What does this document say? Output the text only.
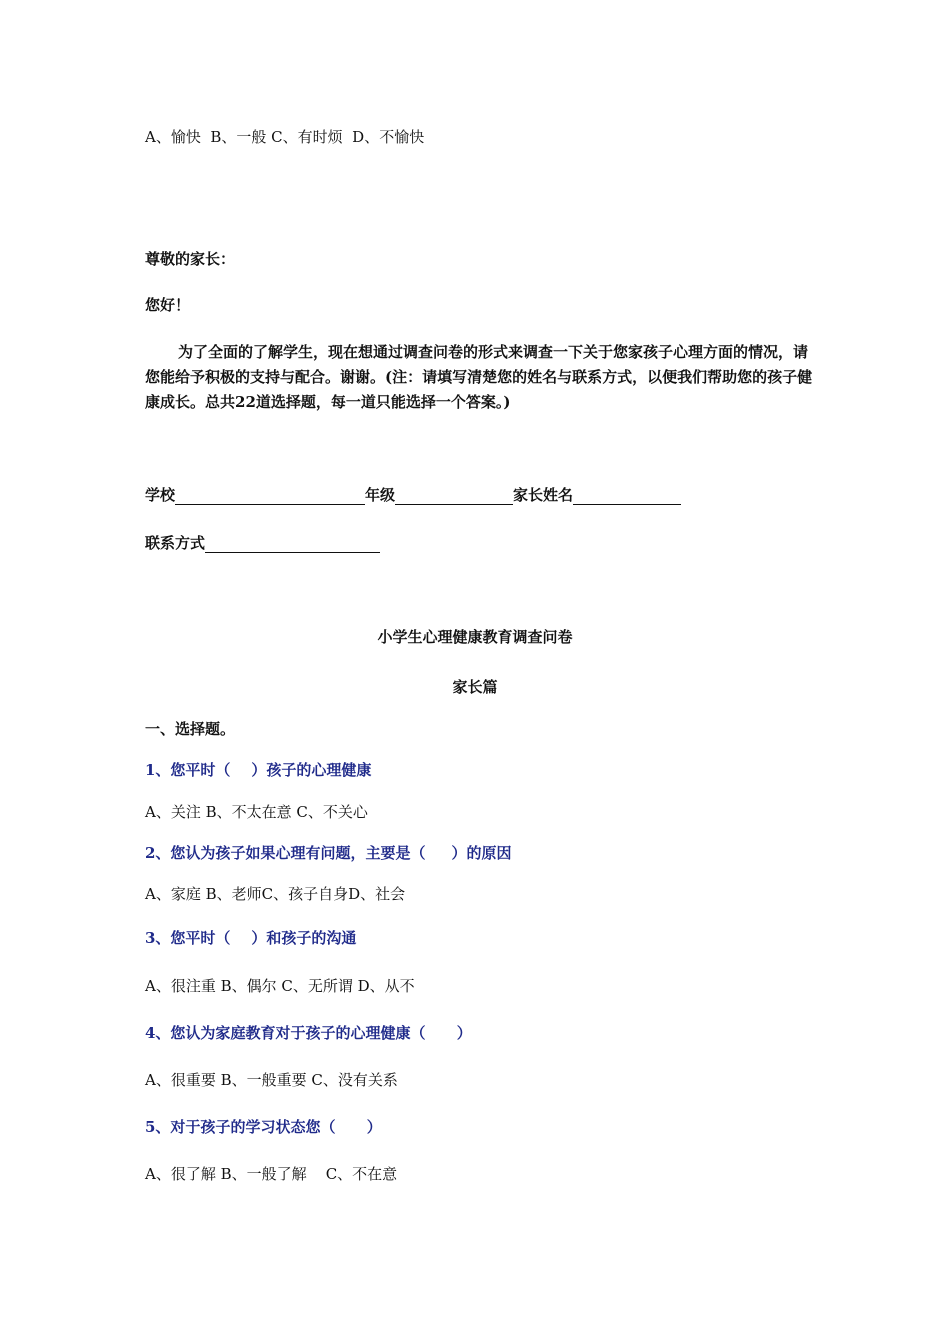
A、愉快  B、一般 C、有时烦  D、不愉快
尊敬的家长：
您好！
为了全面的了解学生，现在想通过调查问卷的形式来调查一下关于您家孩子心理方面的情况，请您能给予积极的支持与配合。谢谢。(注：请填写清楚您的姓名与联系方式，以便我们帮助您的孩子健康成长。总共22道选择题，每一道只能选择一个答案。)
学校	年级	家长姓名
联系方式
小学生心理健康教育调查问卷
家长篇
一、选择题。
1、您平时（    ）孩子的心理健康
A、关注 B、不太在意 C、不关心
2、您认为孩子如果心理有问题，主要是（     ）的原因
A、家庭 B、老师C、孩子自身D、社会
3、您平时（    ）和孩子的沟通
A、很注重 B、偶尔 C、无所谓 D、从不
4、您认为家庭教育对于孩子的心理健康（      ）
A、很重要 B、一般重要 C、没有关系
5、对于孩子的学习状态您（      ）
A、很了解 B、一般了解    C、不在意
